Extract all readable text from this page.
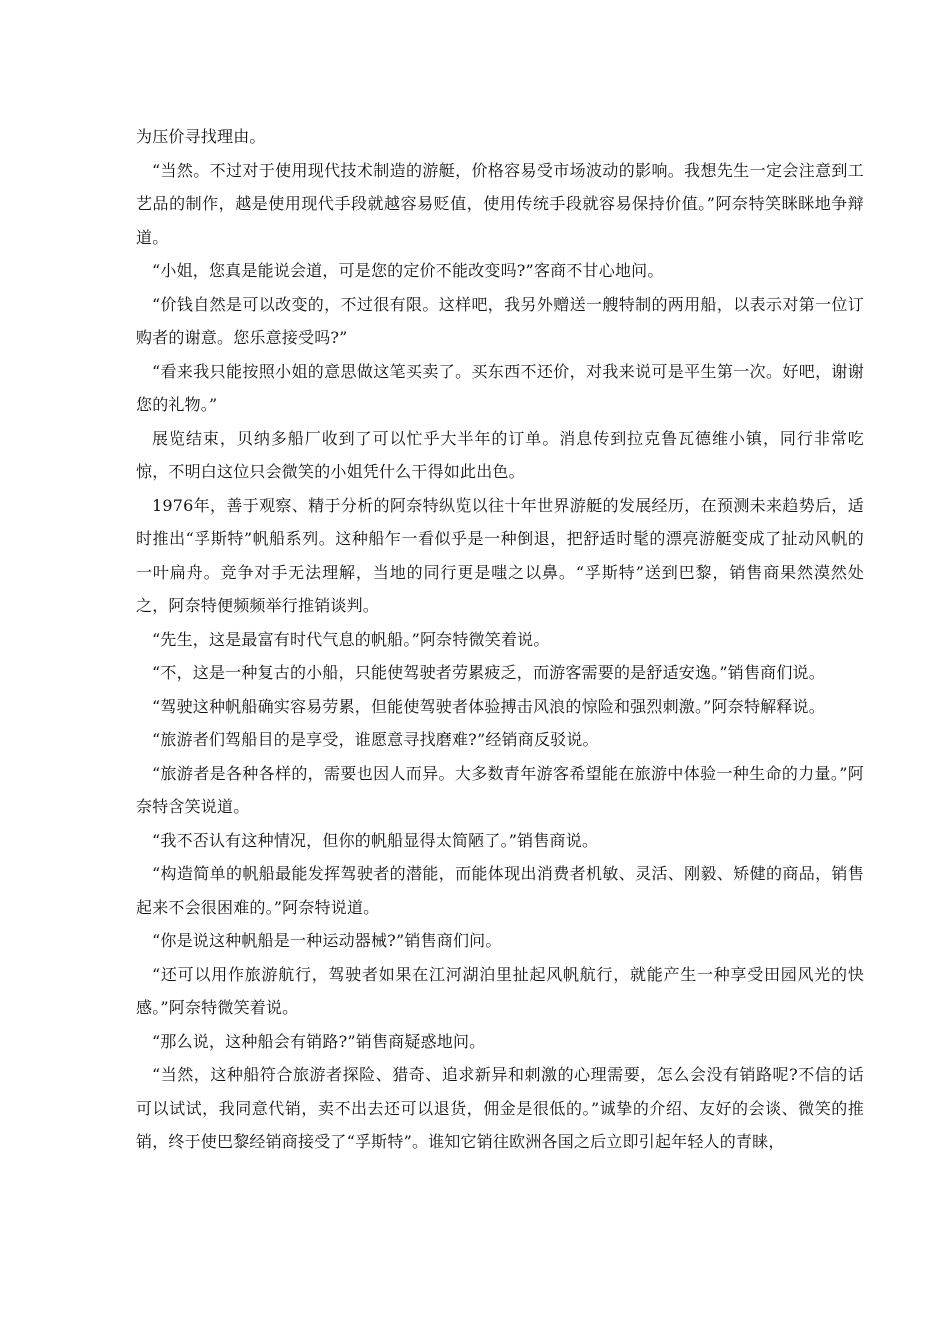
为压价寻找理由。

“当然。不过对于使用现代技术制造的游艇，价格容易受市场波动的影响。我想先生一定会注意到工艺品的制作，越是使用现代手段就越容易贬值，使用传统手段就容易保持价值。”阿奈特笑眯眯地争辩道。

“小姐，您真是能说会道，可是您的定价不能改变吗?”客商不甘心地问。

“价钱自然是可以改变的，不过很有限。这样吧，我另外赠送一艘特制的两用船，以表示对第一位订购者的谢意。您乐意接受吗?”

“看来我只能按照小姐的意思做这笔买卖了。买东西不还价，对我来说可是平生第一次。好吧，谢谢您的礼物。”

展览结束，贝纳多船厂收到了可以忙乎大半年的订单。消息传到拉克鲁瓦德维小镇，同行非常吃惊，不明白这位只会微笑的小姐凭什么干得如此出色。

1976年，善于观察、精于分析的阿奈特纵览以往十年世界游艇的发展经历，在预测未来趋势后，适时推出“孚斯特”帆船系列。这种船乍一看似乎是一种倒退，把舒适时髦的漂亮游艇变成了扯动风帆的一叶扁舟。竞争对手无法理解，当地的同行更是嗤之以鼻。“孚斯特”送到巴黎，销售商果然漠然处之，阿奈特便频频举行推销谈判。

“先生，这是最富有时代气息的帆船。”阿奈特微笑着说。

“不，这是一种复古的小船，只能使驾驶者劳累疲乏，而游客需要的是舒适安逸。”销售商们说。

“驾驶这种帆船确实容易劳累，但能使驾驶者体验搏击风浪的惊险和强烈刺激。”阿奈特解释说。

“旅游者们驾船目的是享受，谁愿意寻找磨难?”经销商反驳说。

“旅游者是各种各样的，需要也因人而异。大多数青年游客希望能在旅游中体验一种生命的力量。”阿奈特含笑说道。

“我不否认有这种情况，但你的帆船显得太简陋了。”销售商说。

“构造简单的帆船最能发挥驾驶者的潜能，而能体现出消费者机敏、灵活、刚毅、矫健的商品，销售起来不会很困难的。”阿奈特说道。

“你是说这种帆船是一种运动器械?”销售商们问。

“还可以用作旅游航行，驾驶者如果在江河湖泊里扯起风帆航行，就能产生一种享受田园风光的快感。”阿奈特微笑着说。

“那么说，这种船会有销路?”销售商疑惑地问。

“当然，这种船符合旅游者探险、猎奇、追求新异和刺激的心理需要，怎么会没有销路呢?不信的话可以试试，我同意代销，卖不出去还可以退货，佣金是很低的。”诚挚的介绍、友好的会谈、微笑的推销，终于使巴黎经销商接受了“孚斯特”。谁知它销往欧洲各国之后立即引起年轻人的青睐，
